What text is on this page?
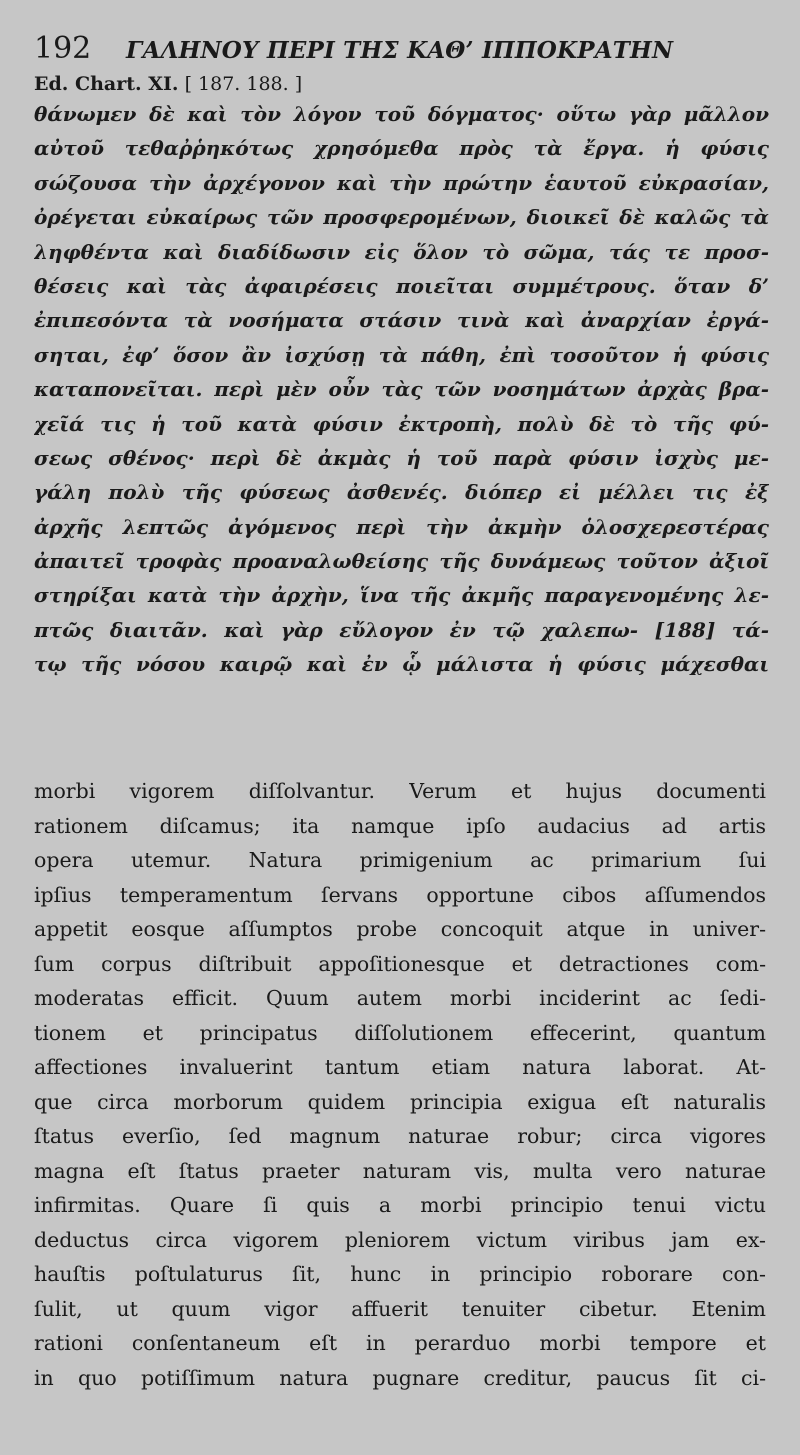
192 ΓΑΛΗΝΟΥ ΠΕΡΙ ΤΗΣ ΚΑΘ’ ΙΠΠΟΚΡΑΤΗΝ
Ed. Chart. XI. [ 187. 188. ]
θάνωμεν δὲ καὶ τὸν λόγον τοῦ δόγματος· οὕτω γὰρ μᾶλλον
αὐτοῦ τεθαῤῥηκότως χρησόμεθα πρὸς τὰ ἔργα. ἡ φύσις
σώζουσα τὴν ἀρχέγονον καὶ τὴν πρώτην ἑαυτοῦ εὐκρασίαν,
ὀρέγεται εὐκαίρως τῶν προσφερομένων, διοικεῖ δὲ καλῶς τὰ
ληφθέντα καὶ διαδίδωσιν εἰς ὅλον τὸ σῶμα, τάς τε προσ-
θέσεις καὶ τὰς ἀφαιρέσεις ποιεῖται συμμέτρους. ὅταν δ’
ἐπιπεσόντα τὰ νοσήματα στάσιν τινὰ καὶ ἀναρχίαν ἐργά-
σηται, ἐφ’ ὅσον ἂν ἰσχύσῃ τὰ πάθη, ἐπὶ τοσοῦτον ἡ φύσις
καταπονεῖται. περὶ μὲν οὖν τὰς τῶν νοσημάτων ἀρχὰς βρα-
χεῖά τις ἡ τοῦ κατὰ φύσιν ἐκτροπὴ, πολὺ δὲ τὸ τῆς φύ-
σεως σθένος· περὶ δὲ ἀκμὰς ἡ τοῦ παρὰ φύσιν ἰσχὺς με-
γάλη πολὺ τῆς φύσεως ἀσθενές. διόπερ εἰ μέλλει τις ἐξ
ἀρχῆς λεπτῶς ἀγόμενος περὶ τὴν ἀκμὴν ὁλοσχερεστέρας
ἀπαιτεῖ τροφὰς προαναλωθείσης τῆς δυνάμεως τοῦτον ἀξιοῖ
στηρίξαι κατὰ τὴν ἀρχὴν, ἵνα τῆς ἀκμῆς παραγενομένης λε-
πτῶς διαιτᾶν. καὶ γὰρ εὔλογον ἐν τῷ χαλεπω- [188] τά-
τῳ τῆς νόσου καιρῷ καὶ ἐν ᾧ μάλιστα ἡ φύσις μάχεσθαι
morbi vigorem diſſolvantur. Verum et hujus documenti
rationem diſcamus; ita namque ipſo audacius ad artis
opera utemur. Natura primigenium ac primarium ſui
ipſius temperamentum ſervans opportune cibos aſſumendos
appetit eosque aſſumptos probe concoquit atque in univer-
ſum corpus diſtribuit appoſitionesque et detractiones com-
moderatas efficit. Quum autem morbi inciderint ac ſedi-
tionem et principatus diſſolutionem effecerint, quantum
affectiones invaluerint tantum etiam natura laborat. At-
que circa morborum quidem principia exigua eſt naturalis
ſtatus everſio, ſed magnum naturae robur; circa vigores
magna eſt ſtatus praeter naturam vis, multa vero naturae
infirmitas. Quare ſi quis a morbi principio tenui victu
deductus circa vigorem pleniorem victum viribus jam ex-
hauſtis poſtulaturus ſit, hunc in principio roborare con-
ſulit, ut quum vigor affuerit tenuiter cibetur. Etenim
rationi conſentaneum eſt in perarduo morbi tempore et
in quo potiſſimum natura pugnare creditur, paucus ſit ci-
